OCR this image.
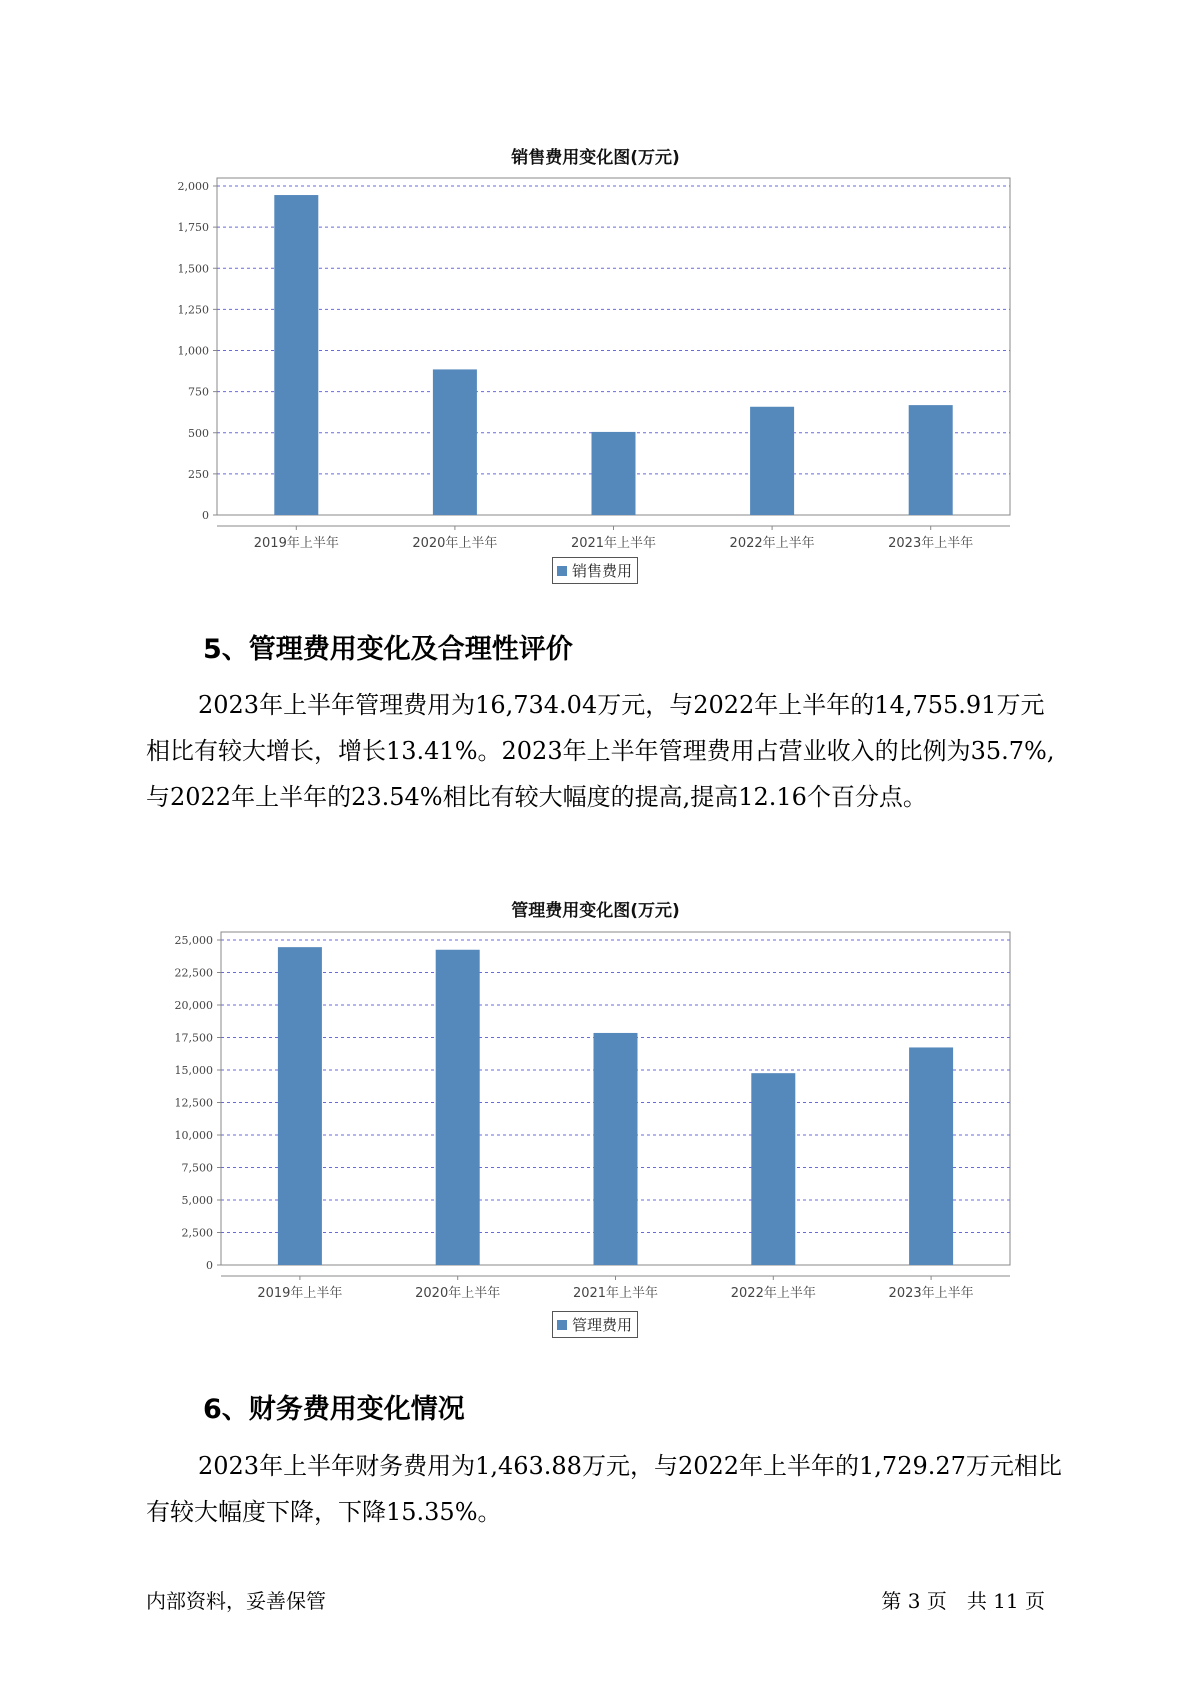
销售费用变化图(万元)
0
250
500
750
1,000
1,250
1,500
1,750
2,000
2019年上半年	2020年上半年	2021年上半年	2022年上半年	2023年上半年
销售费用
5、管理费用变化及合理性评价
2023年上半年管理费用为16,734.04万元，与2022年上半年的14,755.91万元相比有较大增长，增长13.41%。2023年上半年管理费用占营业收入的比例为35.7%,与2022年上半年的23.54%相比有较大幅度的提高,提高12.16个百分点。
管理费用变化图(万元)
0
2,500
5,000
7,500
10,000
12,500
15,000
17,500
20,000
22,500
25,000
2019年上半年	2020年上半年	2021年上半年	2022年上半年	2023年上半年
管理费用
6、财务费用变化情况
2023年上半年财务费用为1,463.88万元，与2022年上半年的1,729.27万元相比有较大幅度下降，下降15.35%。
内部资料，妥善保管	第 3 页　共 11 页
